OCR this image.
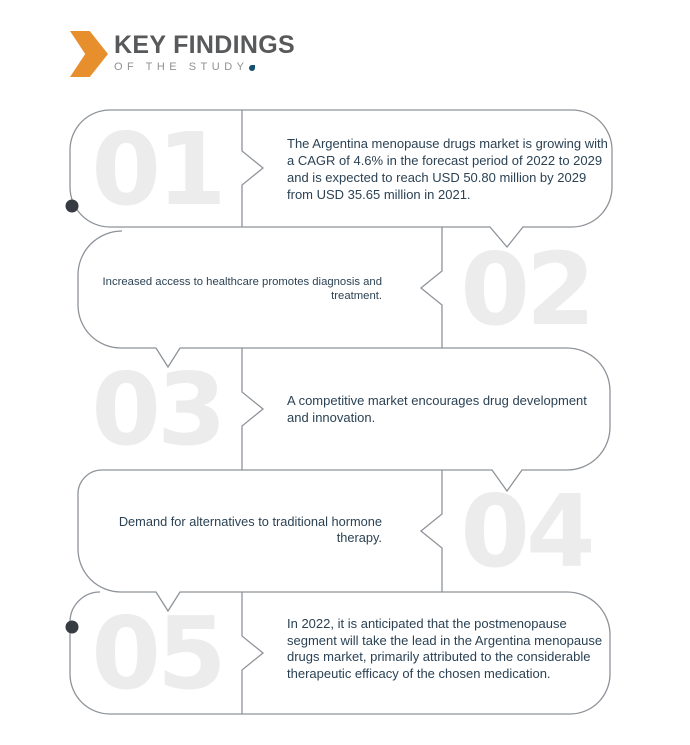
KEY FINDINGS
OF THE STUDY
01
02
03
04
05
The Argentina menopause drugs market is growing with a CAGR of 4.6% in the forecast period of 2022 to 2029 and is expected to reach USD 50.80 million by 2029 from USD 35.65 million in 2021.
Increased access to healthcare promotes diagnosis and treatment.
A competitive market encourages drug development and innovation.
Demand for alternatives to traditional hormone therapy.
In 2022, it is anticipated that the postmenopause segment will take the lead in the Argentina menopause drugs market, primarily attributed to the considerable therapeutic efficacy of the chosen medication.
